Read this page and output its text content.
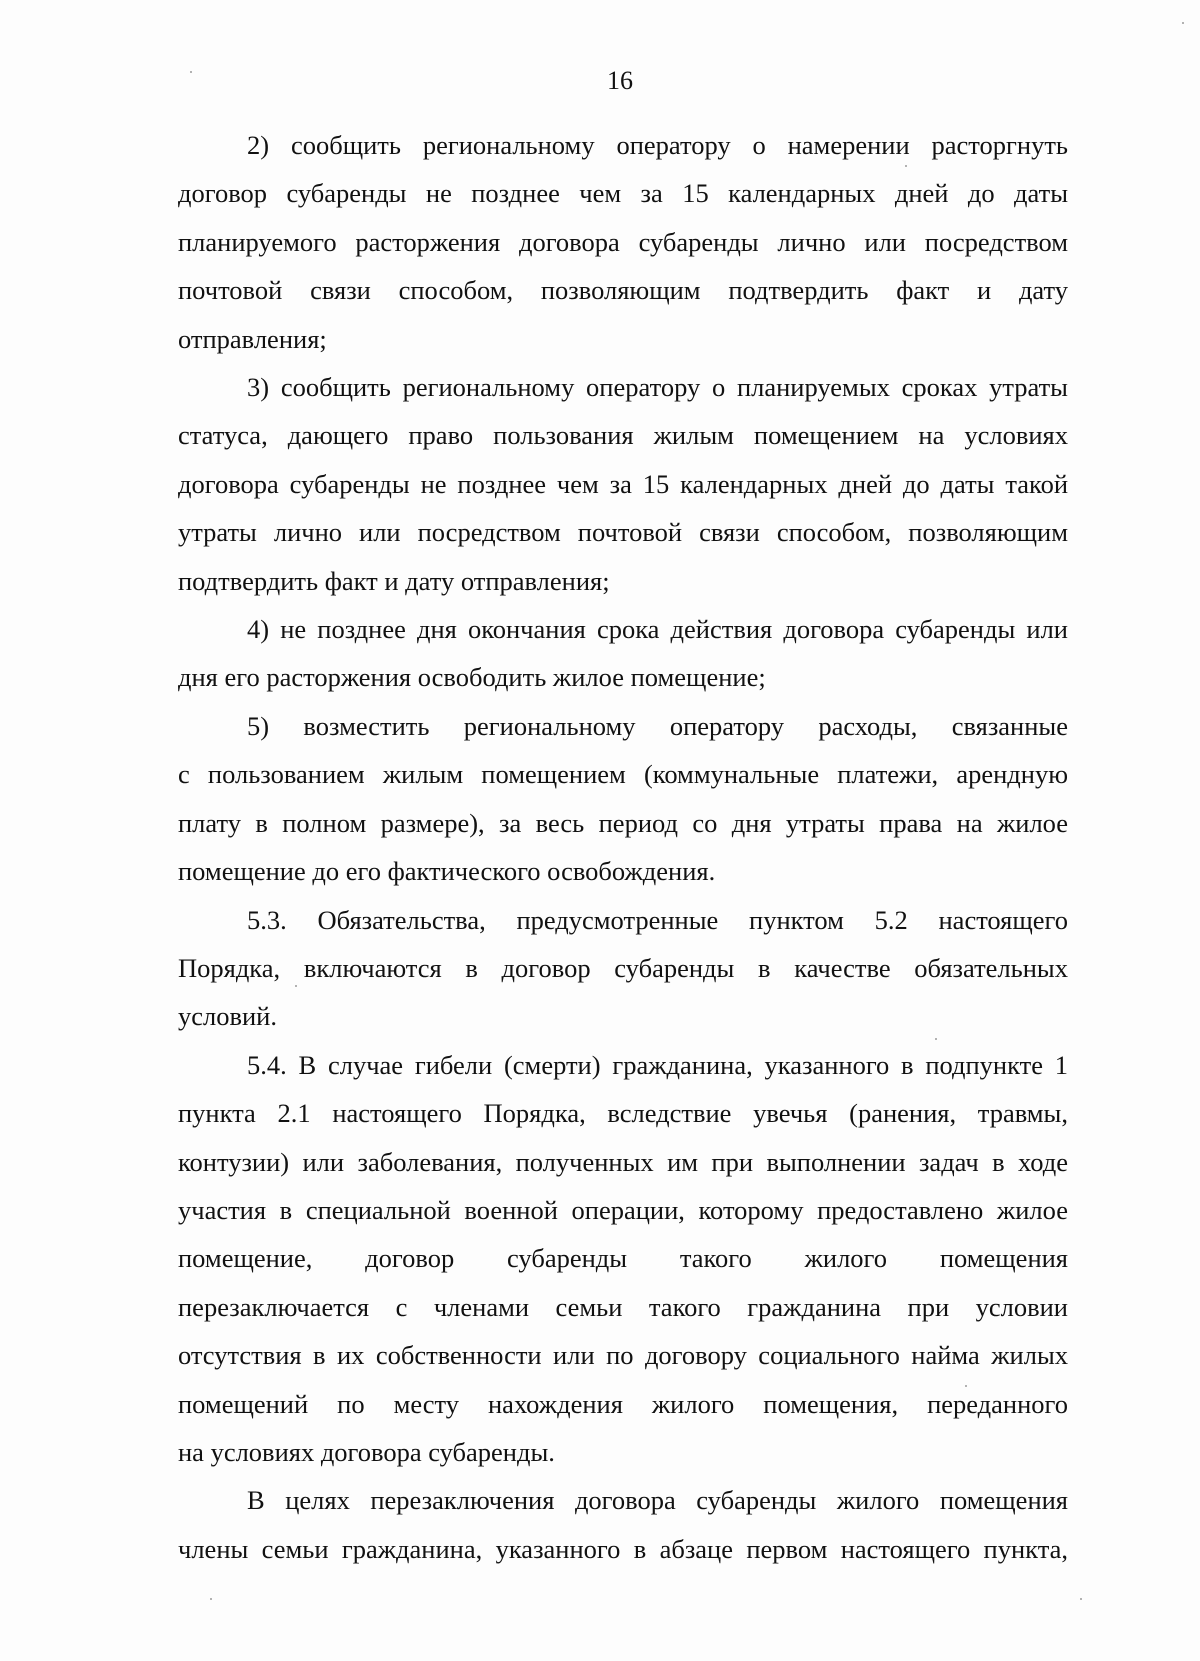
16

2) сообщить региональному оператору о намерении расторгнуть

договор субаренды не позднее чем за 15 календарных дней до даты

планируемого расторжения договора субаренды лично или посредством

почтовой связи способом, позволяющим подтвердить факт и дату

отправления;

3) сообщить региональному оператору о планируемых сроках утраты

статуса, дающего право пользования жилым помещением на условиях

договора субаренды не позднее чем за 15 календарных дней до даты такой

утраты лично или посредством почтовой связи способом, позволяющим

подтвердить факт и дату отправления;

4) не позднее дня окончания срока действия договора субаренды или

дня его расторжения освободить жилое помещение;

5) возместить региональному оператору расходы, связанные

с пользованием жилым помещением (коммунальные платежи, арендную

плату в полном размере), за весь период со дня утраты права на жилое

помещение до его фактического освобождения.

5.3. Обязательства, предусмотренные пунктом 5.2 настоящего

Порядка, включаются в договор субаренды в качестве обязательных

условий.

5.4. В случае гибели (смерти) гражданина, указанного в подпункте 1

пункта 2.1 настоящего Порядка, вследствие увечья (ранения, травмы,

контузии) или заболевания, полученных им при выполнении задач в ходе

участия в специальной военной операции, которому предоставлено жилое

помещение, договор субаренды такого жилого помещения

перезаключается с членами семьи такого гражданина при условии

отсутствия в их собственности или по договору социального найма жилых

помещений по месту нахождения жилого помещения, переданного

на условиях договора субаренды.

В целях перезаключения договора субаренды жилого помещения

члены семьи гражданина, указанного в абзаце первом настоящего пункта,
